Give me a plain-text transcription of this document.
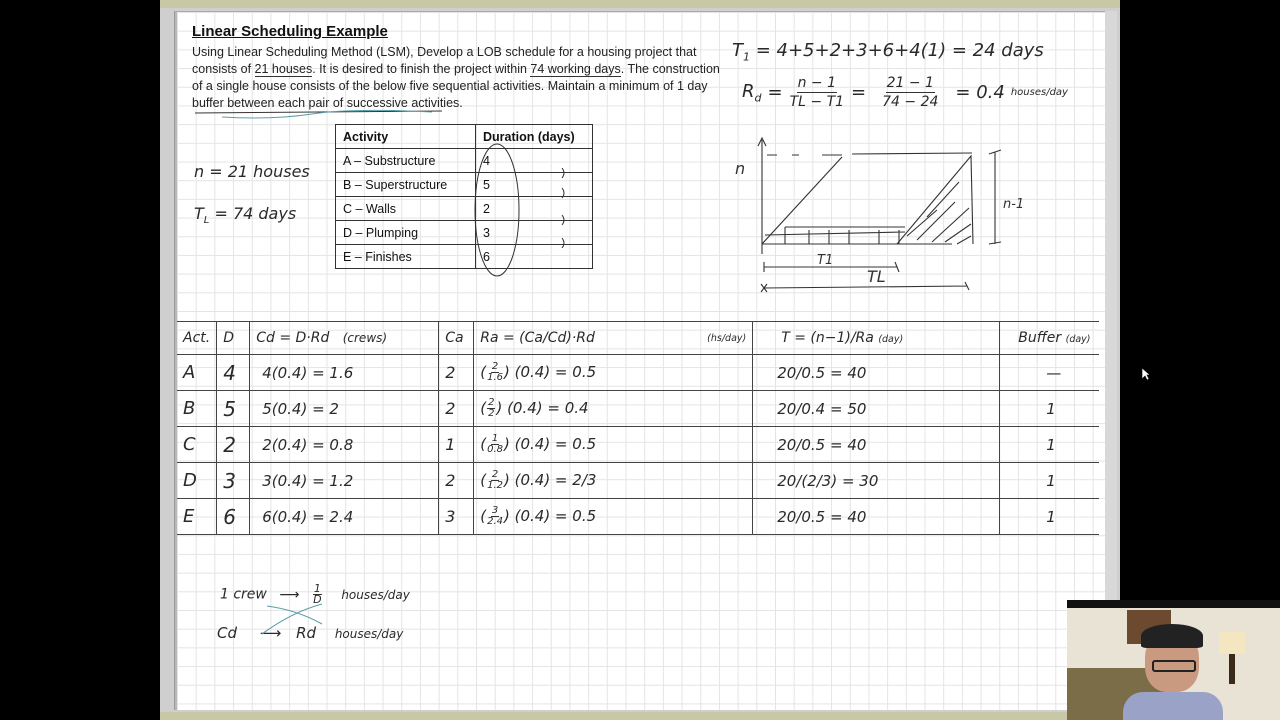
Linear Scheduling Example
Using Linear Scheduling Method (LSM), Develop a LOB schedule for a housing project that consists of 21 houses. It is desired to finish the project within 74 working days. The construction of a single house consists of the below five sequential activities. Maintain a minimum of 1 day buffer between each pair of successive activities.
n = 21 houses
$T_L = 74$ days
Activity	Duration (days)
A – Substructure	4
B – Superstructure	5
C – Walls	2
D – Plumping	3
E – Finishes	6
$T_1 = 4+5+2+3+6+4(1) = 24$ days
$R_d = \frac{n - 1}{TL - T1} = \frac{21 - 1}{74 - 24} = 0.4$ houses/day
n
n-1
T1
TL
Act.	D	Cd = D·Rd (crews)	Ca	Ra = (Ca/Cd)·Rd (hs/day)	T = (n−1)/Ra (day)	Buffer (day)
A	4	4(0.4) = 1.6	2	( $\frac{2}{1.6}$ ) (0.4) = 0.5	20/0.5 = 40	—
B	5	5(0.4) = 2	2	( $\frac{2}{2}$ ) (0.4) = 0.4	20/0.4 = 50	1
C	2	2(0.4) = 0.8	1	( $\frac{1}{0.8}$ ) (0.4) = 0.5	20/0.5 = 40	1
D	3	3(0.4) = 1.2	2	( $\frac{2}{1.2}$ ) (0.4) = 2/3	20/(2/3) = 30	1
E	6	6(0.4) = 2.4	3	( $\frac{3}{2.4}$ ) (0.4) = 0.5	20/0.5 = 40	1
1 crew ⟶ $\frac{1}{D}$ houses/day
Cd ⟶ Rd houses/day
